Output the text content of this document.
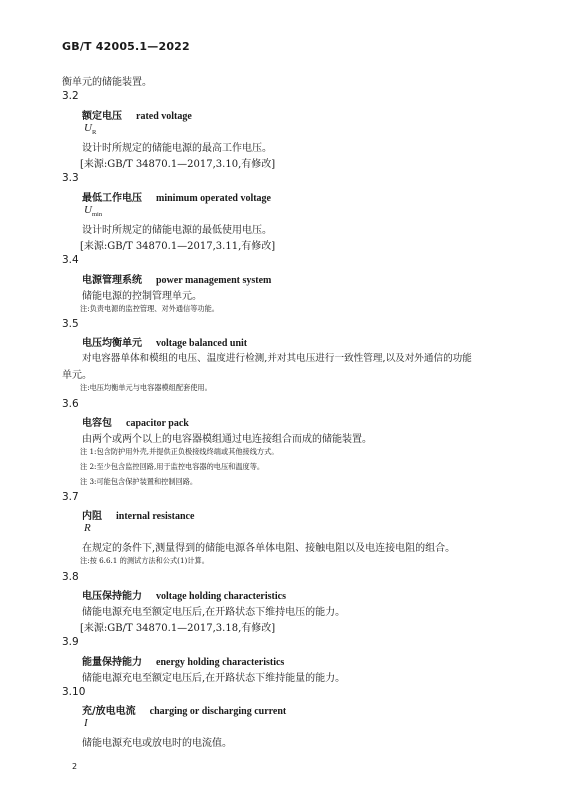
GB/T 42005.1—2022
衡单元的储能装置。
3.2
额定电压 rated voltage
$U_R$
设计时所规定的储能电源的最高工作电压。
[来源:GB/T 34870.1—2017,3.10,有修改]
3.3
最低工作电压 minimum operated voltage
$U_{min}$
设计时所规定的储能电源的最低使用电压。
[来源:GB/T 34870.1—2017,3.11,有修改]
3.4
电源管理系统 power management system
储能电源的控制管理单元。
注:负责电源的监控管理、对外通信等功能。
3.5
电压均衡单元 voltage balanced unit
对电容器单体和模组的电压、温度进行检测,并对其电压进行一致性管理,以及对外通信的功能
单元。
注:电压均衡单元与电容器模组配套使用。
3.6
电容包 capacitor pack
由两个或两个以上的电容器模组通过电连接组合而成的储能装置。
注 1:包含防护用外壳,并提供正负极接线终端或其他接线方式。
注 2:至少包含监控回路,用于监控电容器的电压和温度等。
注 3:可能包含保护装置和控制回路。
3.7
内阻 internal resistance
R
在规定的条件下,测量得到的储能电源各单体电阻、接触电阻以及电连接电阻的组合。
注:按 6.6.1 的测试方法和公式(1)计算。
3.8
电压保持能力 voltage holding characteristics
储能电源充电至额定电压后,在开路状态下维持电压的能力。
[来源:GB/T 34870.1—2017,3.18,有修改]
3.9
能量保持能力 energy holding characteristics
储能电源充电至额定电压后,在开路状态下维持能量的能力。
3.10
充/放电电流 charging or discharging current
I
储能电源充电或放电时的电流值。
2
